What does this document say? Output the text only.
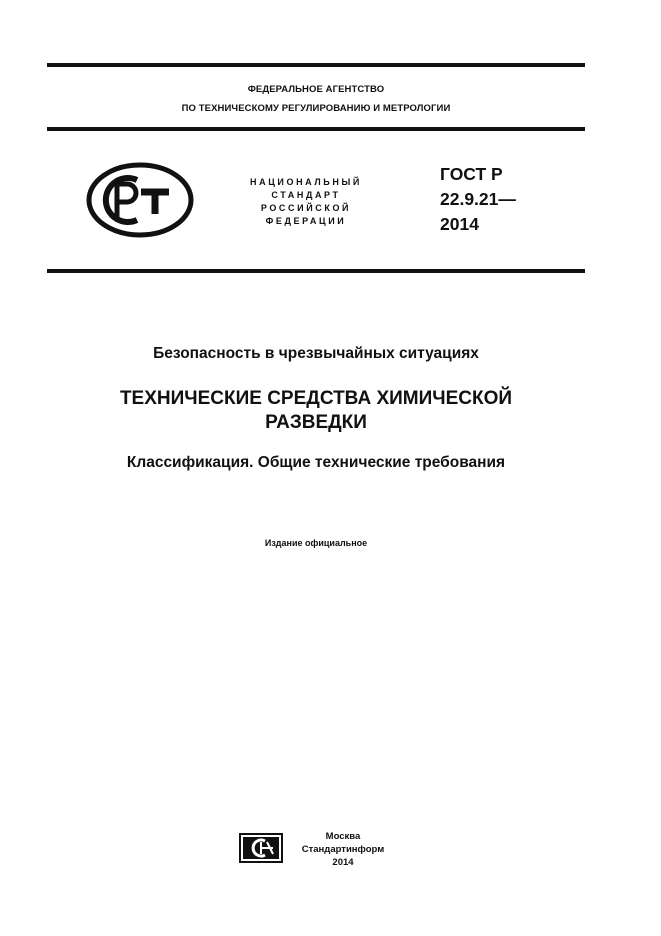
ФЕДЕРАЛЬНОЕ АГЕНТСТВО
ПО ТЕХНИЧЕСКОМУ РЕГУЛИРОВАНИЮ И МЕТРОЛОГИИ
НАЦИОНАЛЬНЫЙ
СТАНДАРТ
РОССИЙСКОЙ
ФЕДЕРАЦИИ
ГОСТ Р
22.9.21—
2014
Безопасность в чрезвычайных ситуациях
ТЕХНИЧЕСКИЕ СРЕДСТВА ХИМИЧЕСКОЙ
РАЗВЕДКИ
Классификация. Общие технические требования
Издание официальное
Москва
Стандартинформ
2014
